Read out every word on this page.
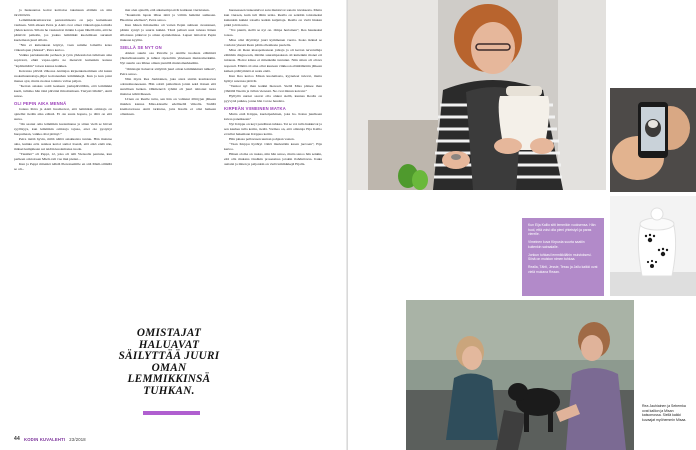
ja huskaantaa koirat kotitaloa takaisuun elämän on niin tärvättävää.

Lemmikkikrematorion perustamisesta on paja kuitenkaan vanhaan. Siitä alkaen Petra ja Antti ovat olleet viikonloppu-lomalla yhden kerran. Silloin he vaukasivat mökin Lopen lähellä niin, että he pääsivät paikalle, jos joskus lemmikki kuolemisen surunuit kuolemaan juuri silloin.

“Nin ei kuitenkaan käynyt, vaan sainme lomailla koko viikonlopun yhdessä”, Petra kertoo.

Vaikka pariskunnalle perheen ja työn yhdessäolon tulkitaan aina sopivasti, ehkä vapaa-ajalla ne menevät kuitenkin kanssa “lepäilemään” taloon kanssa kaikkea.

Koiransa pälvää vilkossa Anttiajaa kirjeenkatsominen ohi kuten ruokailuannattaja-jäljet koiranauhan lemmikkejä. Kun ja kun palat menee ajoi, mutta ruoissa toisinto valtaa paljon.

“Kerran asiakas soitti keskeen joulupäivällään, että lemmikki kuoli, tulisiko hän tänä päivänä ilmoittamaan. Tietysti lähdin”, Antti sanoo.

OLI PEPIN AIKA MENNÄ

Joskus Petra ja Antti huomaavat, että lemmikin omistaja on ajatellut tiedän aika etäistä. Ei ole suuta hoputa, jo tältä on että surua.

“On saanut oma lemmikin kuolemansa ja sitten vielä se hirveä syyllisyys, kun lemmikin omistaja tajuaa, ettei ole pystynyt huopumaan, vaikka olisi pitänyt.”

Petra tietää hyvin, miltä näiltä asiakkaista tuntuu. Hän muistaa aina, kuinka eräs asiakas kertoi samoi itsestä, että eikö enää näe, miksei kumpikaan sai teidän kuolemansa tuoda.

“Tiesitkö” oli Peppi, 12, joka oli talli Viensolle pentuna, kun perheen orkiolosen Mieli-veli vaa mui pienut...

Kun ja Peppi mitenkä nähdä Pienoisemille en sitä Mieli-silmillä se oli...

mat olen ajatellä, että aikaisempi eivät kaitkaan vieristanan.

“Kaunistin lapsia lähaa niitä ja välitin heikäisi sumuaan. Huomtaa edelleen”, Petra sanoo.

Kun hänen ilmaisemia oli varten Pepin suhteen avautaneet, pääsin syntyi ja suurta kaikki. Tästä pelissä uusi tulessa hänen silloisuus pitkuvat ja oman ajattelemisaa. Lupset laittoivat Pepin mukaan kyytiin.

SIELLÄ SE NYT ON

Aluksi suurin osa Petralle ja Antille tuodusta eläimistä yhteisöhautausiin ja tuhkat ripoteltiin yhteiseen muistomerkkiin. Nyt suurin osa lähtee omien pienillä muistomerkkeihin.

“Omistajat haluavat säilyttää juuri oman lemmikkinsä tuhkan”, Petra sanoo.

Niin myös Rea Jauhiainen, joka antoi sisään krematorion odotushuoneeseen. Hän odotti paikallaan jotain sekä iloisen että surullisen hetken. Ohimenevä ryhmä oli juuri tahtonut tuota muistoa tehtäväkseen.

Urnan on Realle tuttu, sen hän on valinnut ällittyjen jälkeen muiden kanssa Misa-kissalle edellisellä viikolla. Sisällä krematoriossa Antti tarkistaa, jotta Realla ei olisi hetkeen ollenkaan.

huoneeseen laskeutuivat aatu muistuvat sanoin tuvaksesta. Mutta kun viereen, kuin tuli lähin urnia. Realla on sentään toistaiseksi kuitenkin kaikki toisella kaikin kuljettaja. Realla on vielä hiukan pitkä ja hän urna.

“Voi pientä, siellä se nyt on. Ompa hertainen”, Rea hauskaksi toteaa.

Misa olisi tätyttänyt juuri kymmenen vuotta. Koko ikänsä se voidoisi yhessä Rean pääin olleaikana puolella.

Misa oli Rean kissapoikanaan johtaja ja oli kerran tervetulluja elämään diagnoosin, mitään suurempaakaan oli kuitenkin monet eri tuloksia. Hoitot kiissa ei mitenkään tuntunut. Niin sitten oli oltava nopeasti. Elämä oli aina ollut kuuteen viikkoon eläinlääkärin jälkeen kaiken päättymistä ei saatu enää.

Kun Rea kertoo Misan kuolemasta, kyyneleet tulevat, mutta hymyt sanoissa pitävät.

“Venkoi nyt ihan kaikki hienosti. Siellä Misa pääsee ihan ylhäällä Neerin ja Jallun vieressä. Ne ovat minun koirani.”

Hyllyllä uurnat saavat olla aluksi siellä, kunnes Realla on pyyvyöä paikka, jonne hän voi ne haudata.

KIRPEÄN VIIMEINEN MATKA

Mutta entä Kirppu, kuoleiperkinen, joka ho. Kaisu juurikaan kuvaa paneikseen?

Nyt Kirppu on keyt pandilaan tuhkaa. Tai se voi tulla hukkuvat ja sen kauhea tulla kotiin, tietää. Varmaa on, että omistaja Eija Kallio ei tullut hakemaan Kirppua kotiin.

Hän pinasa pellavasen uurnan pohjaan vaaten.

“Vaan Kirppu hyöhtyi väärä mielestään kasan juovaan”, Eija kertoo.

Hänen oloma on raskas, niin hän sanoo, mutta sanoo hän senkin, että olla mukana tässäkin prosessissa jotakin ilahduttavaa. Kuka auttaisi ja miten ja paljonkin on vielä lemmikkejä Eijalla.

OMISTAJAT HALUAVAT SÄILYTTÄÄ JUURI OMAN LEMMIKKINSÄ TUHKAN.
44 KODIN KUVALEHTI 23/2018

Kun Eija Kallio sitti lemmikin vuoksensa. Hän huol, että voisi olla pieni yhteistyö ja paras vierelle.

Vimeinen kuva Kirpusta suurta saatiin kuitenkin sairaalalle.

Jonkun tuhkasi lemmikkilähin muistoksesi. Siinä on muiston nimen tuhkaa.

Realla, Tähti, Jessie, Tessu ja Jallu kaikki ovat vielä mukana Reaan.

Rea Jauhiainen ja Sebemka ovat kallion ja Misan katsomossa. Siellä kaikki kuvaajat myöhemmin Misaa.
